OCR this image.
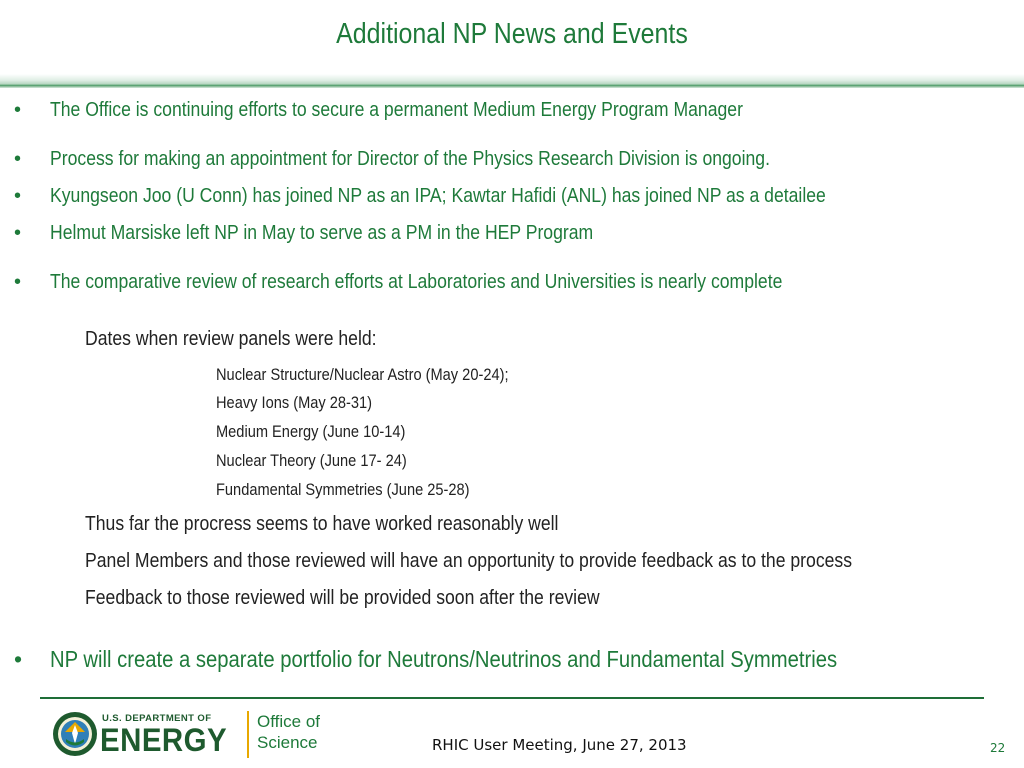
Additional NP News and Events
• The Office is continuing efforts to secure a permanent Medium Energy Program Manager
• Process for making an appointment for Director of the Physics Research Division is ongoing.
• Kyungseon Joo (U Conn) has joined NP as an IPA; Kawtar Hafidi (ANL) has joined NP as a detailee
• Helmut Marsiske left NP in May to serve as a PM in the HEP Program
• The comparative review of research efforts at Laboratories and Universities is nearly complete
Dates when review panels were held:
Nuclear Structure/Nuclear Astro (May 20-24);
Heavy Ions (May 28-31)
Medium Energy (June 10-14)
Nuclear Theory (June 17- 24)
Fundamental Symmetries (June 25-28)
Thus far the procress seems to have worked reasonably well
Panel Members and those reviewed will have an opportunity to provide feedback as to the process
Feedback to those reviewed will be provided soon after the review
• NP will create a separate portfolio for Neutrons/Neutrinos and Fundamental Symmetries
U.S. DEPARTMENT OF
ENERGY
Office of
Science	RHIC User Meeting, June 27, 2013	22
